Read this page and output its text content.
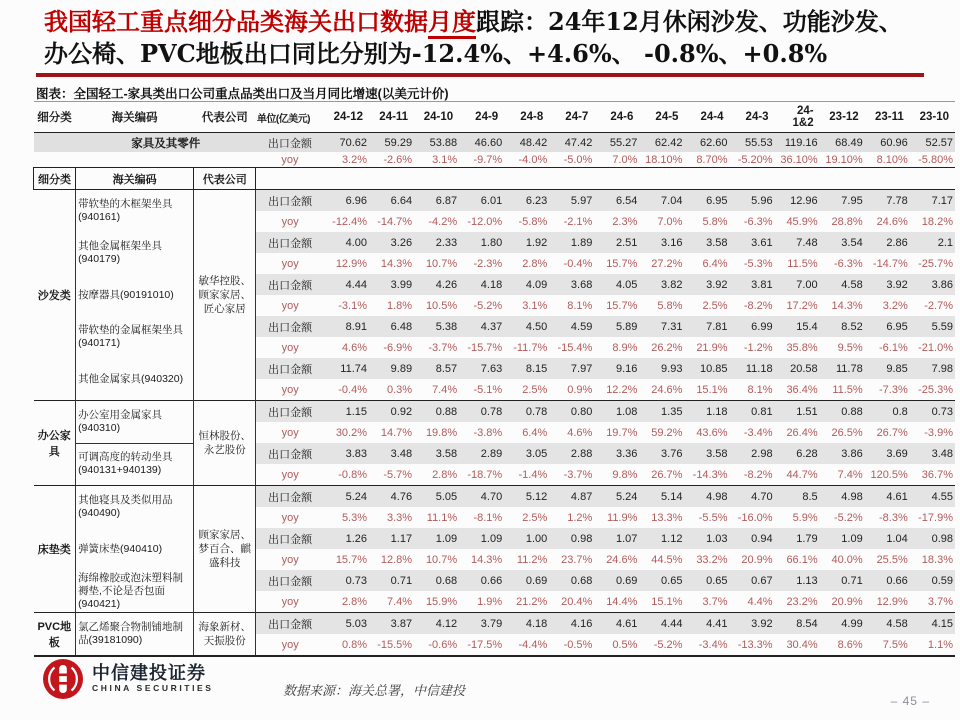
我国轻工重点细分品类海关出口数据月度跟踪：24年12月休闲沙发、功能沙发、办公椅、PVC地板出口同比分别为-12.4%、+4.6%、 -0.8%、+0.8%
图表：全国轻工-家具类出口公司重点品类出口及当月同比增速(以美元计价)
细分类	海关编码	代表公司	单位(亿美元)	24-12	24-11	24-10	24-9	24-8	24-7	24-6	24-5	24-4	24-3	24-1&2	23-12	23-11	23-10
	家具及其零件		出口金额	70.62	59.29	53.88	46.60	48.42	47.42	55.27	62.42	62.60	55.53	119.16	68.49	60.96	52.57
			yoy	3.2%	-2.6%	3.1%	-9.7%	-4.0%	-5.0%	7.0%	18.10%	8.70%	-5.20%	36.10%	19.10%	8.10%	-5.80%
细分类	海关编码	代表公司															
沙发类	带软垫的木框架坐具(940161)	敏华控股、顾家家居、匠心家居	出口金额	6.96	6.64	6.87	6.01	6.23	5.97	6.54	7.04	6.95	5.96	12.96	7.95	7.78	7.17
			yoy	-12.4%	-14.7%	-4.2%	-12.0%	-5.8%	-2.1%	2.3%	7.0%	5.8%	-6.3%	45.9%	28.8%	24.6%	18.2%
	其他金属框架坐具(940179)		出口金额	4.00	3.26	2.33	1.80	1.92	1.89	2.51	3.16	3.58	3.61	7.48	3.54	2.86	2.1
			yoy	12.9%	14.3%	10.7%	-2.3%	2.8%	-0.4%	15.7%	27.2%	6.4%	-5.3%	11.5%	-6.3%	-14.7%	-25.7%
	按摩器具(90191010)		出口金额	4.44	3.99	4.26	4.18	4.09	3.68	4.05	3.82	3.92	3.81	7.00	4.58	3.92	3.86
			yoy	-3.1%	1.8%	10.5%	-5.2%	3.1%	8.1%	15.7%	5.8%	2.5%	-8.2%	17.2%	14.3%	3.2%	-2.7%
	带软垫的金属框架坐具(940171)		出口金额	8.91	6.48	5.38	4.37	4.50	4.59	5.89	7.31	7.81	6.99	15.4	8.52	6.95	5.59
			yoy	4.6%	-6.9%	-3.7%	-15.7%	-11.7%	-15.4%	8.9%	26.2%	21.9%	-1.2%	35.8%	9.5%	-6.1%	-21.0%
	其他金属家具(940320)		出口金额	11.74	9.89	8.57	7.63	8.15	7.97	9.16	9.93	10.85	11.18	20.58	11.78	9.85	7.98
			yoy	-0.4%	0.3%	7.4%	-5.1%	2.5%	0.9%	12.2%	24.6%	15.1%	8.1%	36.4%	11.5%	-7.3%	-25.3%
办公家具	办公室用金属家具(940310)	恒林股份、永艺股份	出口金额	1.15	0.92	0.88	0.78	0.78	0.80	1.08	1.35	1.18	0.81	1.51	0.88	0.8	0.73
			yoy	30.2%	14.7%	19.8%	-3.8%	6.4%	4.6%	19.7%	59.2%	43.6%	-3.4%	26.4%	26.5%	26.7%	-3.9%
	可调高度的转动坐具(940131+940139)		出口金额	3.83	3.48	3.58	2.89	3.05	2.88	3.36	3.76	3.58	2.98	6.28	3.86	3.69	3.48
			yoy	-0.8%	-5.7%	2.8%	-18.7%	-1.4%	-3.7%	9.8%	26.7%	-14.3%	-8.2%	44.7%	7.4%	120.5%	36.7%
床垫类	其他寝具及类似用品(940490)	顾家家居、梦百合、麒盛科技	出口金额	5.24	4.76	5.05	4.70	5.12	4.87	5.24	5.14	4.98	4.70	8.5	4.98	4.61	4.55
			yoy	5.3%	3.3%	11.1%	-8.1%	2.5%	1.2%	11.9%	13.3%	-5.5%	-16.0%	5.9%	-5.2%	-8.3%	-17.9%
	弹簧床垫(940410)		出口金额	1.26	1.17	1.09	1.09	1.00	0.98	1.07	1.12	1.03	0.94	1.79	1.09	1.04	0.98
			yoy	15.7%	12.8%	10.7%	14.3%	11.2%	23.7%	24.6%	44.5%	33.2%	20.9%	66.1%	40.0%	25.5%	18.3%
	海绵橡胶或泡沫塑料制褥垫,不论是否包面(940421)		出口金额	0.73	0.71	0.68	0.66	0.69	0.68	0.69	0.65	0.65	0.67	1.13	0.71	0.66	0.59
			yoy	2.8%	7.4%	15.9%	1.9%	21.2%	20.4%	14.4%	15.1%	3.7%	4.4%	23.2%	20.9%	12.9%	3.7%
PVC地板	氯乙烯聚合物制铺地制品(39181090)	海象新材、天振股份	出口金额	5.03	3.87	4.12	3.79	4.18	4.16	4.61	4.44	4.41	3.92	8.54	4.99	4.58	4.15
			yoy	0.8%	-15.5%	-0.6%	-17.5%	-4.4%	-0.5%	0.5%	-5.2%	-3.4%	-13.3%	30.4%	8.6%	7.5%	1.1%
中信建投证券
CHINA SECURITIES	数据来源：海关总署，中信建投
– 45 –
